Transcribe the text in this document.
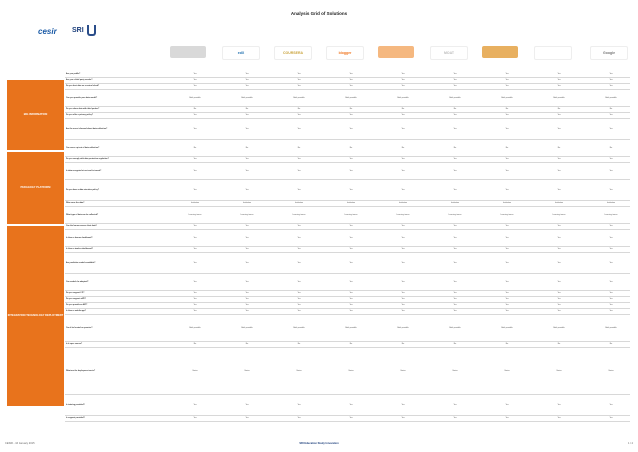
Analysis Grid of Solutions
cesir SRI
edX	COURSERA	blogger	MOAT	Google
BIG INFORMATION
PEDAGOGY PLATFORM
INTEGRATION TECHNOLOGY DEPLOYMENT
Are you public?	Yes	Yes	Yes	Yes	Yes	Yes	Yes	Yes	Yes
Are you a third party vendor?	Yes	Yes	Yes	Yes	Yes	Yes	Yes	Yes	Yes
Do you host data on a central cloud?	Yes	Yes	Yes	Yes	Yes	Yes	Yes	Yes	Yes
Can you provide your data model?	Both possible	Both possible	Both possible	Both possible	Both possible	Both possible	Both possible	Both possible	Both possible
Do you share data with third parties?	No	No	No	No	No	No	No	No	No
Do you offer a privacy policy?	Yes	Yes	Yes	Yes	Yes	Yes	Yes	Yes	Yes
Are the users informed about data collection?	Yes	Yes	Yes	Yes	Yes	Yes	Yes	Yes	Yes
Can users opt out of data collection?	No	No	No	No	No	No	No	No	No
Do you comply with data protection regulation?	Yes	Yes	Yes	Yes	Yes	Yes	Yes	Yes	Yes
Is data encrypted at rest and in transit?	Yes	Yes	Yes	Yes	Yes	Yes	Yes	Yes	Yes
Do you have a data retention policy?	Yes	Yes	Yes	Yes	Yes	Yes	Yes	Yes	Yes
Who owns the data?	Institution	Institution	Institution	Institution	Institution	Institution	Institution	Institution	Institution
What type of data can be collected?	Learning traces	Learning traces	Learning traces	Learning traces	Learning traces	Learning traces	Learning traces	Learning traces	Learning traces
Can the learner access their data?	Yes	Yes	Yes	Yes	Yes	Yes	Yes	Yes	Yes
Is there a learner dashboard?	Yes	Yes	Yes	Yes	Yes	Yes	Yes	Yes	Yes
Is there a teacher dashboard?	Yes	Yes	Yes	Yes	Yes	Yes	Yes	Yes	Yes
Are predictive models available?	Yes	Yes	Yes	Yes	Yes	Yes	Yes	Yes	Yes
Can models be adapted?	Yes	Yes	Yes	Yes	Yes	Yes	Yes	Yes	Yes
Do you support LTI?	Yes	Yes	Yes	Yes	Yes	Yes	Yes	Yes	Yes
Do you support xAPI?	Yes	Yes	Yes	Yes	Yes	Yes	Yes	Yes	Yes
Do you provide an API?	Yes	Yes	Yes	Yes	Yes	Yes	Yes	Yes	Yes
Is there a mobile app?	Yes	Yes	Yes	Yes	Yes	Yes	Yes	Yes	Yes
Can it be hosted on premise?	Both possible	Both possible	Both possible	Both possible	Both possible	Both possible	Both possible	Both possible	Both possible
Is it open source?	No	No	No	No	No	No	No	No	No
What are the deployment costs?	Varies	Varies	Varies	Varies	Varies	Varies	Varies	Varies	Varies
Is training provided?	Yes	Yes	Yes	Yes	Yes	Yes	Yes	Yes	Yes
Is support provided?	Yes	Yes	Yes	Yes	Yes	Yes	Yes	Yes	Yes
CESIR - 16 January 2015	SRI Education Study Innovation	1 / 4
